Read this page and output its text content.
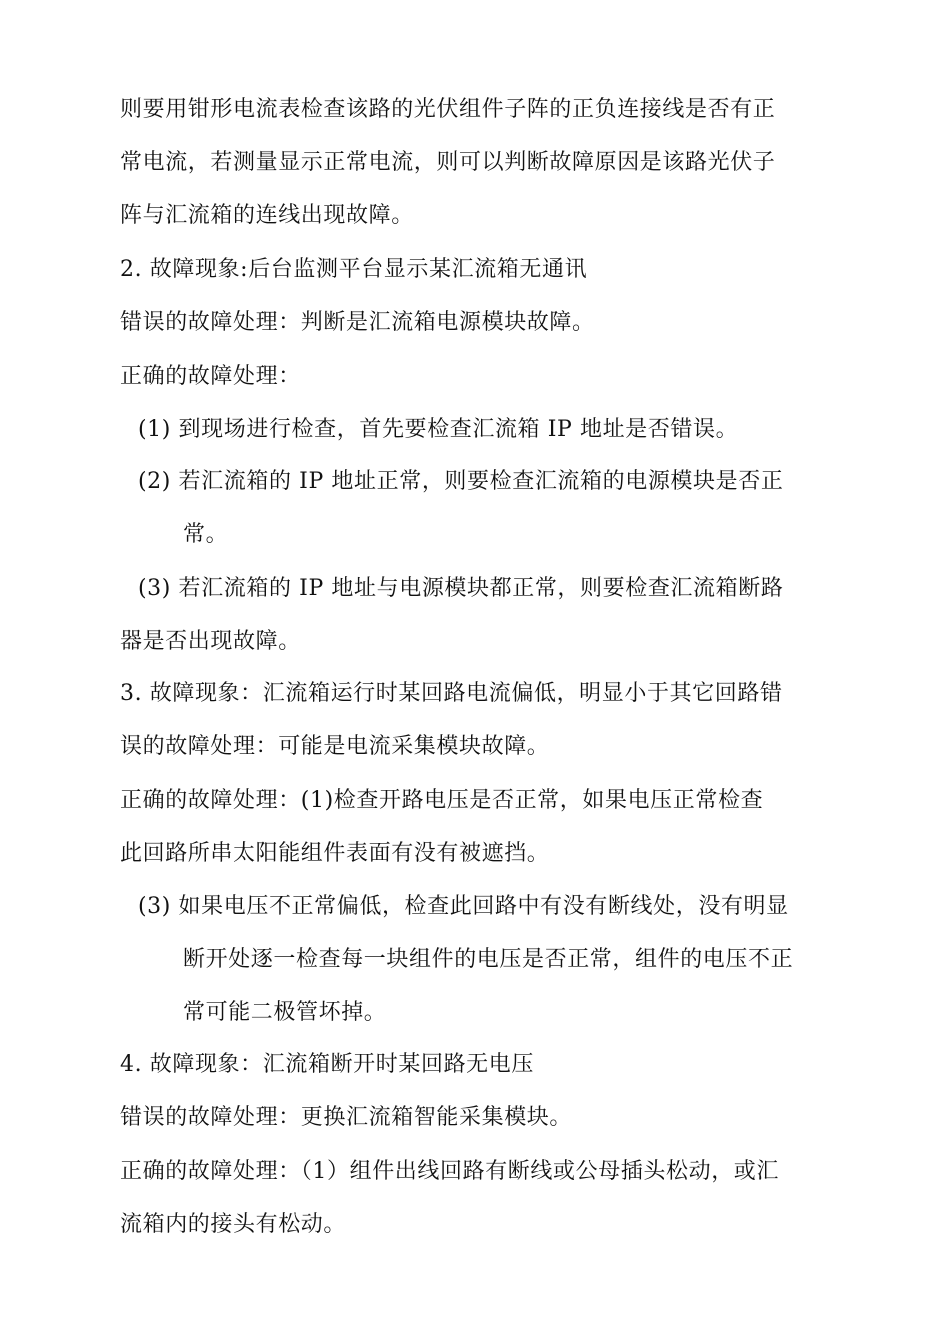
则要用钳形电流表检查该路的光伏组件子阵的正负连接线是否有正
常电流，若测量显示正常电流，则可以判断故障原因是该路光伏子
阵与汇流箱的连线出现故障。
2. 故障现象:后台监测平台显示某汇流箱无通讯
错误的故障处理：判断是汇流箱电源模块故障。
正确的故障处理：
(1) 到现场进行检查，首先要检查汇流箱 IP 地址是否错误。
(2) 若汇流箱的 IP 地址正常，则要检查汇流箱的电源模块是否正
常。
(3) 若汇流箱的 IP 地址与电源模块都正常，则要检查汇流箱断路
器是否出现故障。
3. 故障现象：汇流箱运行时某回路电流偏低，明显小于其它回路错
误的故障处理：可能是电流采集模块故障。
正确的故障处理：(1)检查开路电压是否正常，如果电压正常检查
此回路所串太阳能组件表面有没有被遮挡。
(3) 如果电压不正常偏低，检查此回路中有没有断线处，没有明显
断开处逐一检查每一块组件的电压是否正常，组件的电压不正
常可能二极管坏掉。
4. 故障现象：汇流箱断开时某回路无电压
错误的故障处理：更换汇流箱智能采集模块。
正确的故障处理：（1）组件出线回路有断线或公母插头松动，或汇
流箱内的接头有松动。
